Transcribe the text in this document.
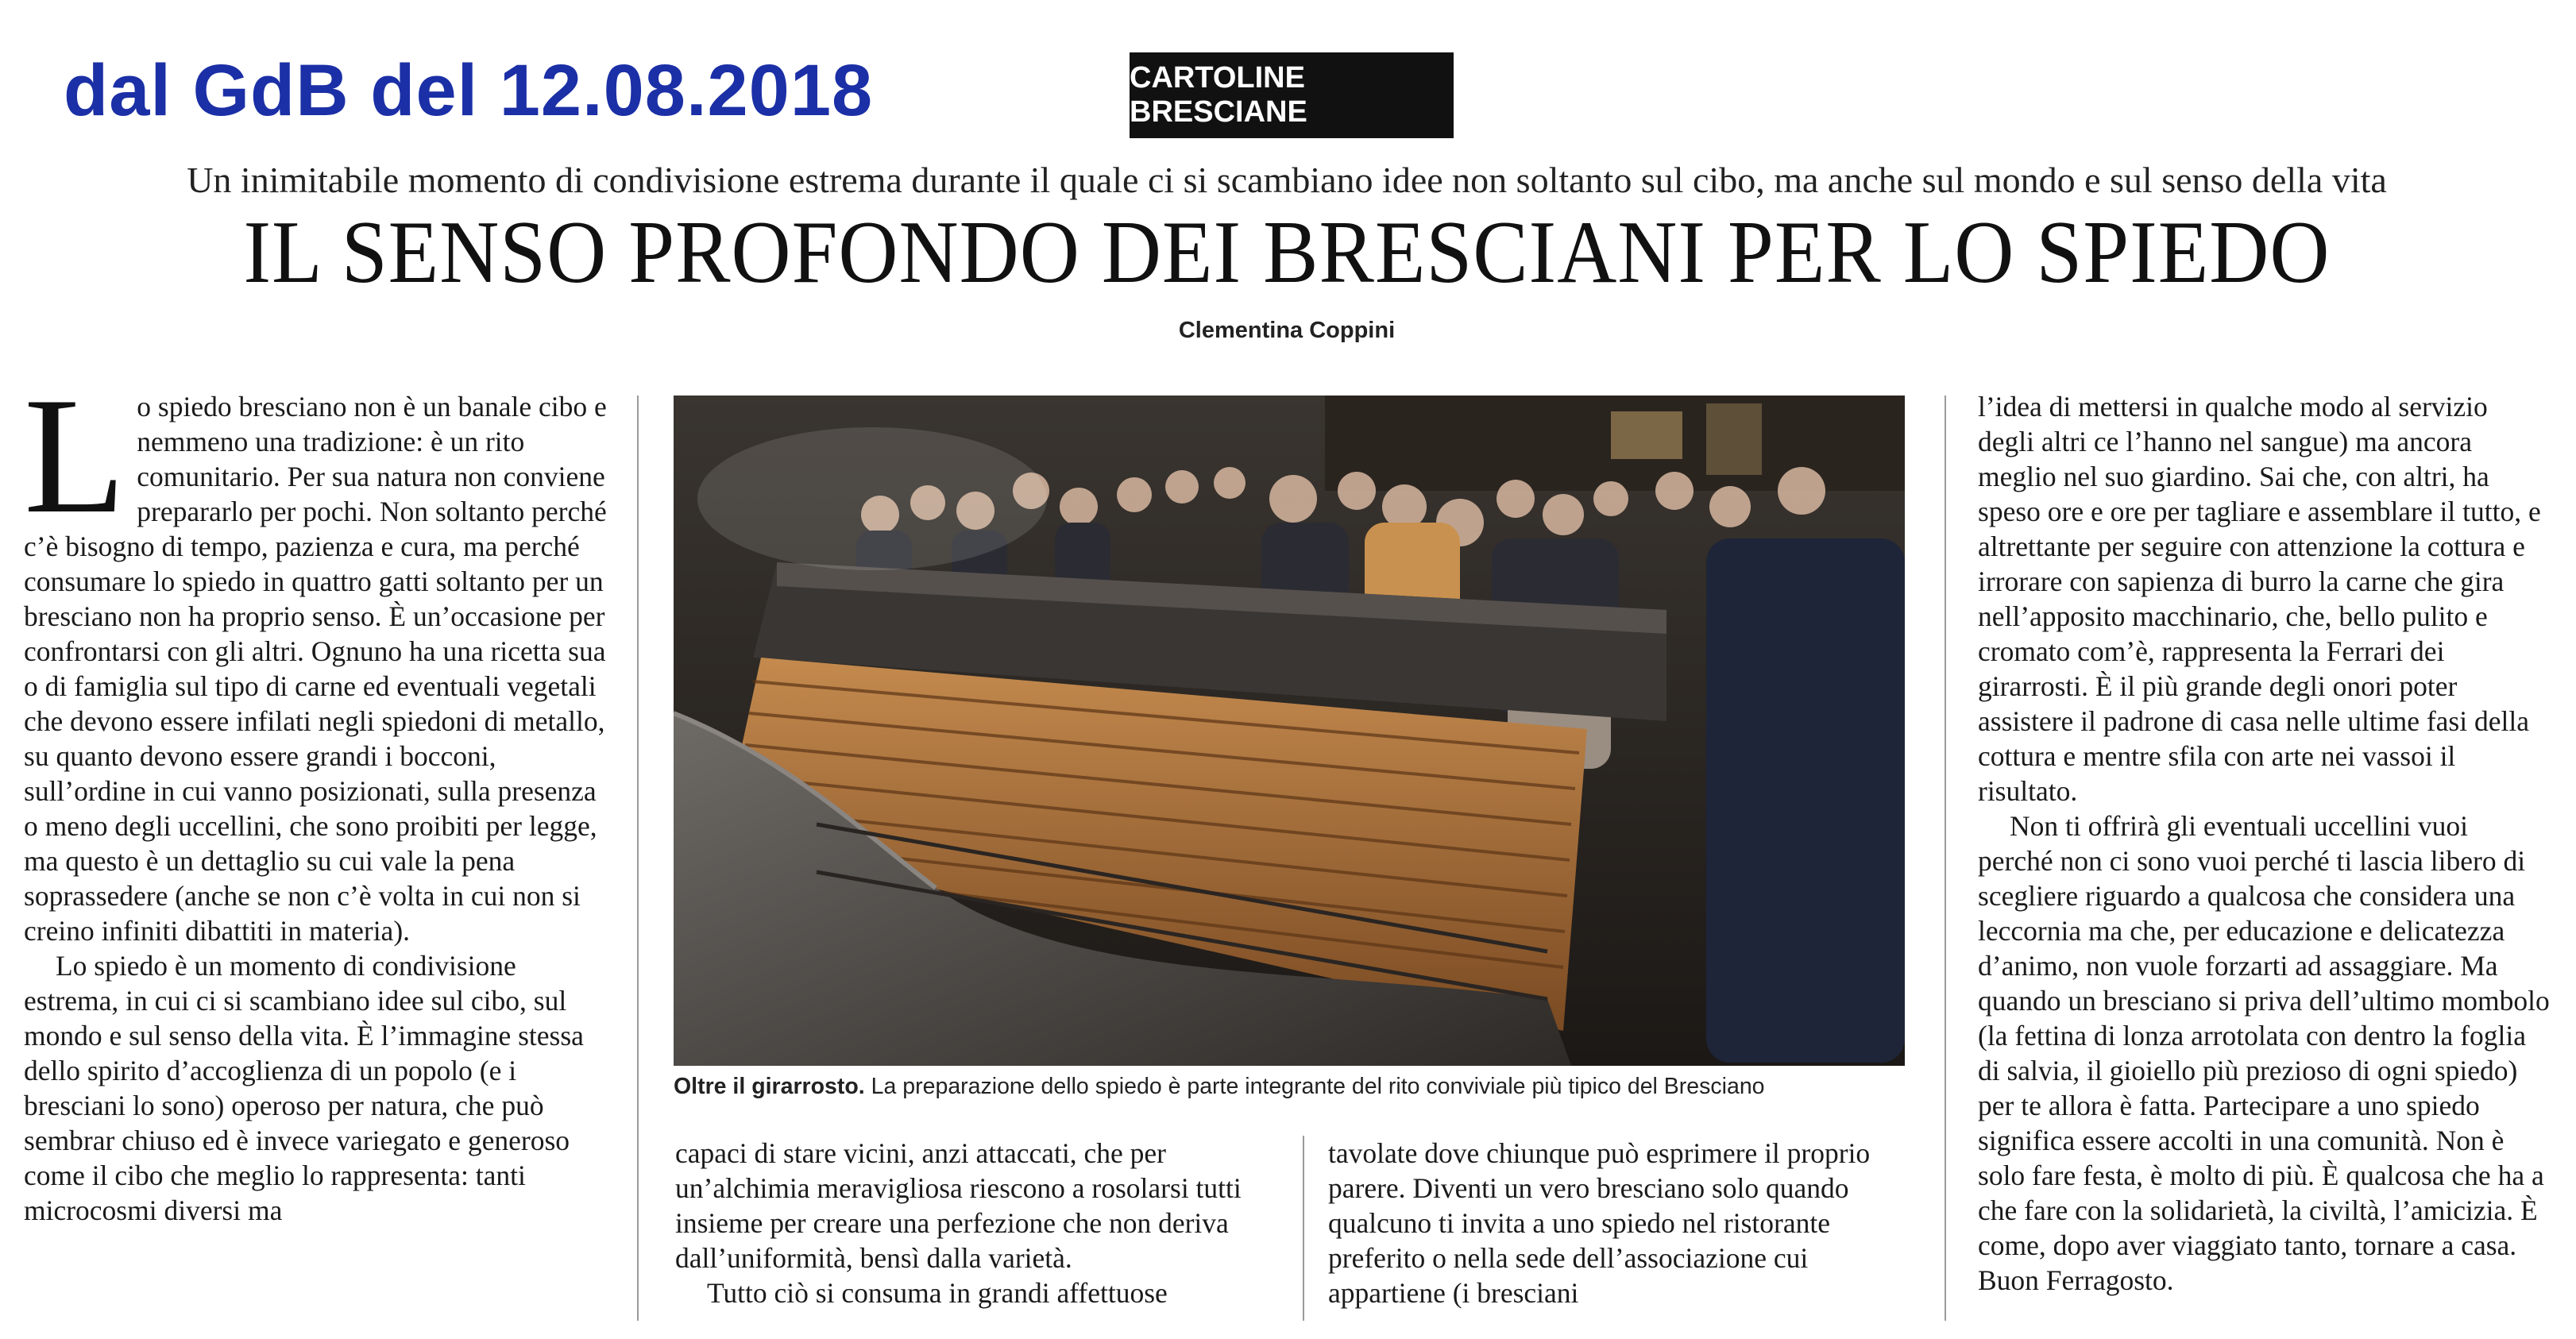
dal GdB del 12.08.2018	CARTOLINE BRESCIANE
Un inimitabile momento di condivisione estrema durante il quale ci si scambiano idee non soltanto sul cibo, ma anche sul mondo e sul senso della vita
IL SENSO PROFONDO DEI BRESCIANI PER LO SPIEDO
Clementina Coppini

Lo spiedo bresciano non è un banale cibo e nemmeno una tradizione: è un rito comunitario. Per sua natura non conviene prepararlo per pochi. Non soltanto perché c’è bisogno di tempo, pazienza e cura, ma perché consumare lo spiedo in quattro gatti soltanto per un bresciano non ha proprio senso. È un’occasione per confrontarsi con gli altri. Ognuno ha una ricetta sua o di famiglia sul tipo di carne ed eventuali vegetali che devono essere infilati negli spiedoni di metallo, su quanto devono essere grandi i bocconi, sull’ordine in cui vanno posizionati, sulla presenza o meno degli uccellini, che sono proibiti per legge, ma questo è un dettaglio su cui vale la pena soprassedere (anche se non c’è volta in cui non si creino infiniti dibattiti in materia).

Lo spiedo è un momento di condivisione estrema, in cui ci si scambiano idee sul cibo, sul mondo e sul senso della vita. È l’immagine stessa dello spirito d’accoglienza di un popolo (e i bresciani lo sono) operoso per natura, che può sembrar chiuso ed è invece variegato e generoso come il cibo che meglio lo rappresenta: tanti microcosmi diversi ma

Oltre il girarrosto. La preparazione dello spiedo è parte integrante del rito conviviale più tipico del Bresciano

capaci di stare vicini, anzi attaccati, che per un’alchimia meravigliosa riescono a rosolarsi tutti insieme per creare una perfezione che non deriva dall’uniformità, bensì dalla varietà.

Tutto ciò si consuma in grandi affettuose

tavolate dove chiunque può esprimere il proprio parere. Diventi un vero bresciano solo quando qualcuno ti invita a uno spiedo nel ristorante preferito o nella sede dell’associazione cui appartiene (i bresciani

l’idea di mettersi in qualche modo al servizio degli altri ce l’hanno nel sangue) ma ancora meglio nel suo giardino. Sai che, con altri, ha speso ore e ore per tagliare e assemblare il tutto, e altrettante per seguire con attenzione la cottura e irrorare con sapienza di burro la carne che gira nell’apposito macchinario, che, bello pulito e cromato com’è, rappresenta la Ferrari dei girarrosti. È il più grande degli onori poter assistere il padrone di casa nelle ultime fasi della cottura e mentre sfila con arte nei vassoi il risultato.

Non ti offrirà gli eventuali uccellini vuoi perché non ci sono vuoi perché ti lascia libero di scegliere riguardo a qualcosa che considera una leccornia ma che, per educazione e delicatezza d’animo, non vuole forzarti ad assaggiare. Ma quando un bresciano si priva dell’ultimo mombolo (la fettina di lonza arrotolata con dentro la foglia di salvia, il gioiello più prezioso di ogni spiedo) per te allora è fatta. Partecipare a uno spiedo significa essere accolti in una comunità. Non è solo fare festa, è molto di più. È qualcosa che ha a che fare con la solidarietà, la civiltà, l’amicizia. È come, dopo aver viaggiato tanto, tornare a casa. Buon Ferragosto.
